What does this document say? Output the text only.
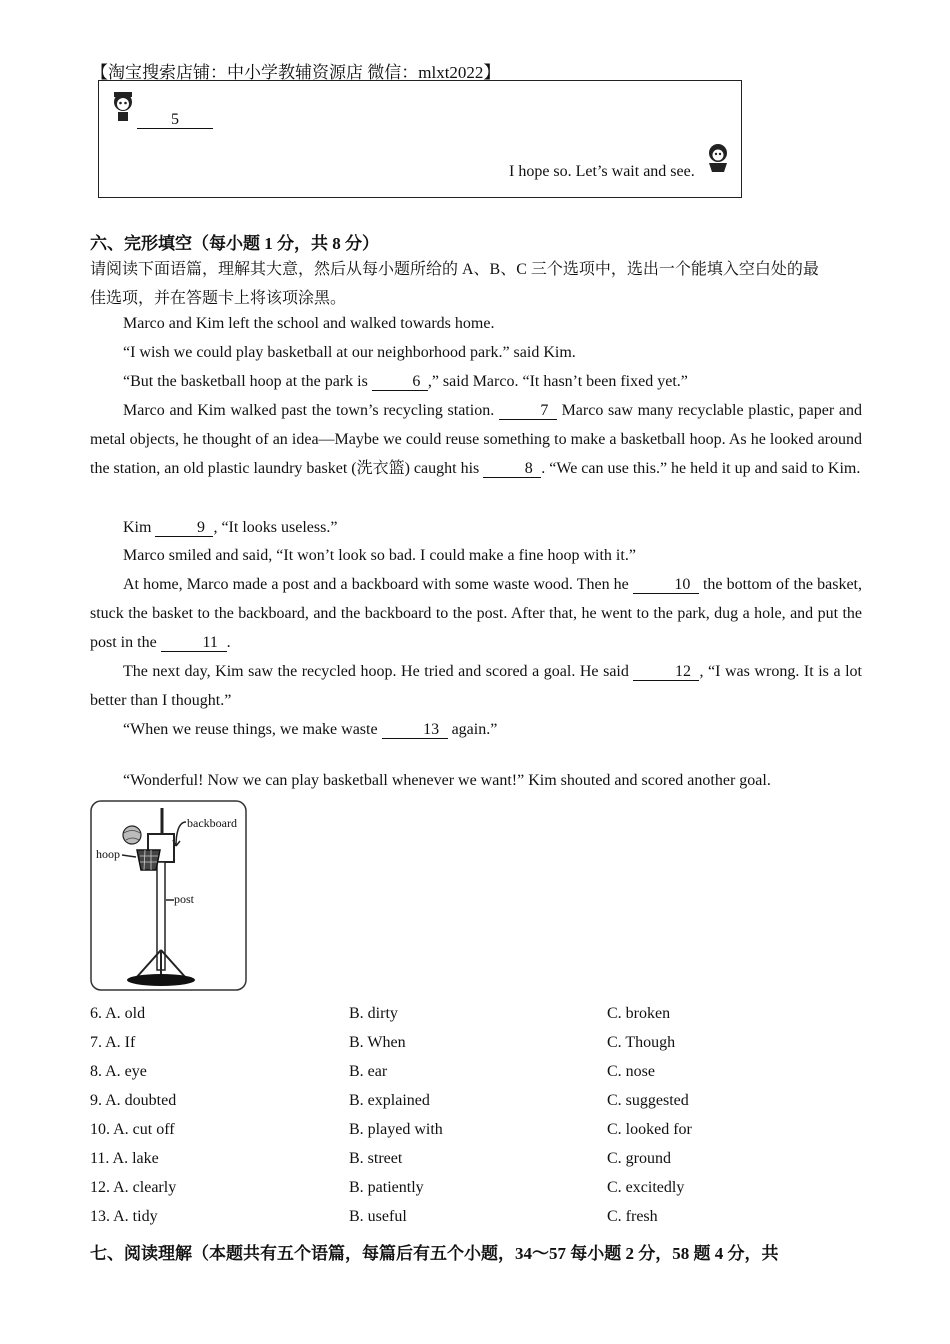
【淘宝搜索店铺：中小学教辅资源店 微信：mlxt2022】
5
I hope so. Let’s wait and see.
六、完形填空（每小题 1 分，共 8 分）
请阅读下面语篇，理解其大意，然后从每小题所给的 A、B、C 三个选项中，选出一个能填入空白处的最
佳选项，并在答题卡上将该项涂黑。
Marco and Kim left the school and walked towards home.
“I wish we could play basketball at our neighborhood park.” said Kim.
“But the basketball hoop at the park is	6 ,” said Marco. “It hasn’t been fixed yet.”
Marco and Kim walked past the town’s recycling station.	7 Marco saw many recyclable plastic, paper and metal objects, he thought of an idea—Maybe we could reuse something to make a basketball hoop. As he looked around the station, an old plastic laundry basket (洗衣篮) caught his	8 . “We can use this.” he held it up and said to Kim.
Kim	9 , “It looks useless.”
Marco smiled and said, “It won’t look so bad. I could make a fine hoop with it.”
At home, Marco made a post and a backboard with some waste wood. Then he	10 the bottom of the basket, stuck the basket to the backboard, and the backboard to the post. After that, he went to the park, dug a hole, and put the post in the	11 .
The next day, Kim saw the recycled hoop. He tried and scored a goal. He said	12 , “I was wrong. It is a lot better than I thought.”
“When we reuse things, we make waste	13 again.”
“Wonderful! Now we can play basketball whenever we want!” Kim shouted and scored another goal.
backboard
hoop
post
6. A. old	B. dirty	C. broken
7. A. If	B. When	C. Though
8. A. eye	B. ear	C. nose
9. A. doubted	B. explained	C. suggested
10. A. cut off	B. played with	C. looked for
11. A. lake	B. street	C. ground
12. A. clearly	B. patiently	C. excitedly
13. A. tidy	B. useful	C. fresh
七、阅读理解（本题共有五个语篇，每篇后有五个小题，34～57 每小题 2 分，58 题 4 分，共
